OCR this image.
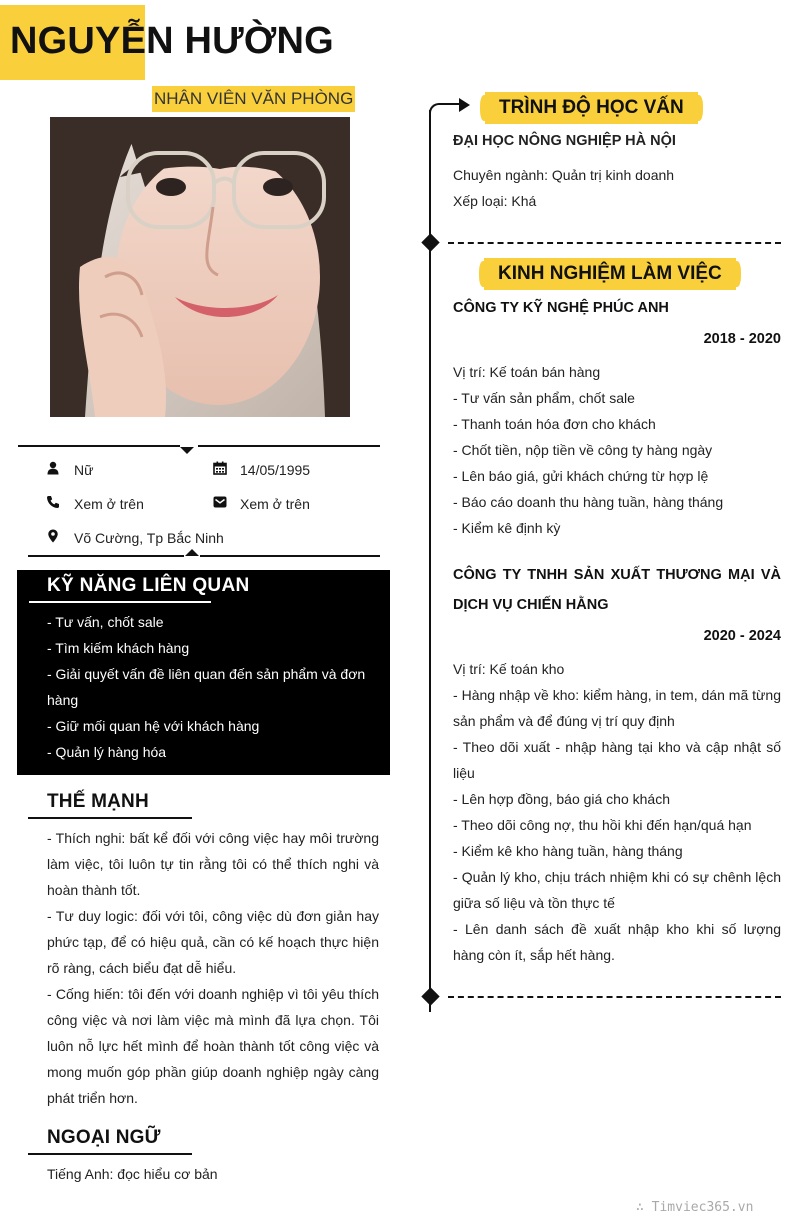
NGUYỄN HƯỜNG
NHÂN VIÊN VĂN PHÒNG
Nữ	14/05/1995
Xem ở trên	Xem ở trên
Võ Cường, Tp Bắc Ninh
KỸ NĂNG LIÊN QUAN
- Tư vấn, chốt sale
- Tìm kiếm khách hàng
- Giải quyết vấn đề liên quan đến sản phẩm và đơn hàng
- Giữ mối quan hệ với khách hàng
- Quản lý hàng hóa
THẾ MẠNH

- Thích nghi: bất kể đối với công việc hay môi trường làm việc, tôi luôn tự tin rằng tôi có thể thích nghi và hoàn thành tốt.

- Tư duy logic: đối với tôi, công việc dù đơn giản hay phức tạp, để có hiệu quả, cần có kế hoạch thực hiện rõ ràng, cách biểu đạt dễ hiểu.

- Cống hiến: tôi đến với doanh nghiệp vì tôi yêu thích công việc và nơi làm việc mà mình đã lựa chọn. Tôi luôn nỗ lực hết mình để hoàn thành tốt công việc và mong muốn góp phần giúp doanh nghiệp ngày càng phát triển hơn.

NGOẠI NGỮ
Tiếng Anh: đọc hiểu cơ bản
TRÌNH ĐỘ HỌC VẤN
ĐẠI HỌC NÔNG NGHIỆP HÀ NỘI
Chuyên ngành: Quản trị kinh doanh
Xếp loại: Khá
KINH NGHIỆM LÀM VIỆC
CÔNG TY KỸ NGHỆ PHÚC ANH
2018 - 2020

Vị trí: Kế toán bán hàng

- Tư vấn sản phẩm, chốt sale

- Thanh toán hóa đơn cho khách

- Chốt tiền, nộp tiền về công ty hàng ngày

- Lên báo giá, gửi khách chứng từ hợp lệ

- Báo cáo doanh thu hàng tuần, hàng tháng

- Kiểm kê định kỳ

CÔNG TY TNHH SẢN XUẤT THƯƠNG MẠI VÀ DỊCH VỤ CHIẾN HẰNG
2020 - 2024

Vị trí: Kế toán kho

- Hàng nhập về kho: kiểm hàng, in tem, dán mã từng sản phẩm và để đúng vị trí quy định

- Theo dõi xuất - nhập hàng tại kho và cập nhật số liệu

- Lên hợp đồng, báo giá cho khách

- Theo dõi công nợ, thu hồi khi đến hạn/quá hạn

- Kiểm kê kho hàng tuần, hàng tháng

- Quản lý kho, chịu trách nhiệm khi có sự chênh lệch giữa số liệu và tồn thực tế

- Lên danh sách đề xuất nhập kho khi số lượng hàng còn ít, sắp hết hàng.

∴ Timviec365.vn
